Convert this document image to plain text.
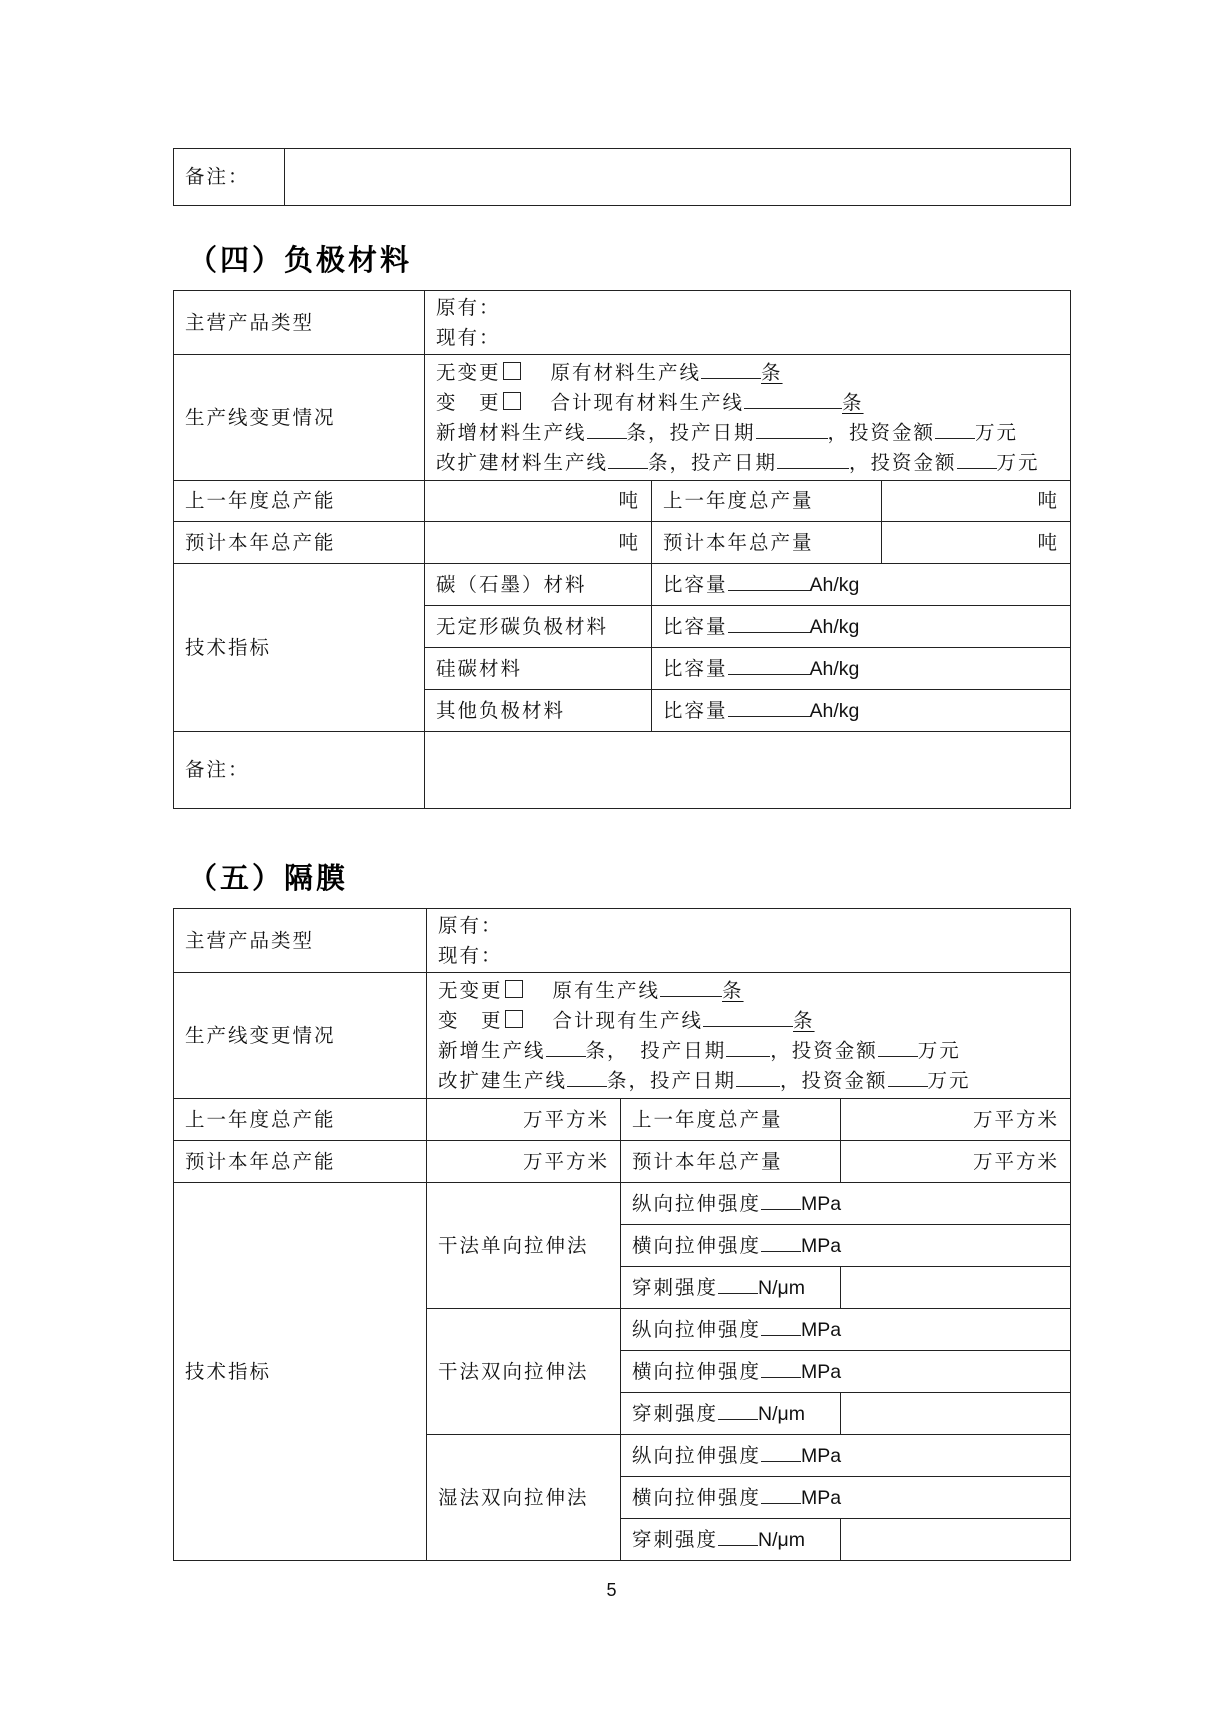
备注：	
（四）负极材料
主营产品类型	原有：
现有：		

生产线变更情况	无变更 原有材料生产线 条
变　更 合计现有材料生产线 条
新增材料生产线 条，投产日期 ，投资金额 万元
改扩建材料生产线 条，投产日期 ，投资金额 万元		

上一年度总产能	吨	上一年度总产量	吨
预计本年总产能	吨	预计本年总产量	吨
技术指标	碳（石墨）材料	比容量 Ah/kg	
	无定形碳负极材料	比容量 Ah/kg	
	硅碳材料	比容量 Ah/kg	
	其他负极材料	比容量 Ah/kg	
备注：			
（五）隔膜
主营产品类型	原有：
现有：		

生产线变更情况	无变更 原有生产线 条
变　更 合计现有生产线 条
新增生产线 条，　投产日期 ，投资金额 万元
改扩建生产线 条，投产日期 ，投资金额 万元		

上一年度总产能	万平方米	上一年度总产量	万平方米
预计本年总产能	万平方米	预计本年总产量	万平方米
技术指标	干法单向拉伸法	纵向拉伸强度 MPa	
		横向拉伸强度 MPa	
		穿刺强度 N/μm	
	干法双向拉伸法	纵向拉伸强度 MPa	
		横向拉伸强度 MPa	
		穿刺强度 N/μm	
	湿法双向拉伸法	纵向拉伸强度 MPa	
		横向拉伸强度 MPa	
		穿刺强度 N/μm	
5
